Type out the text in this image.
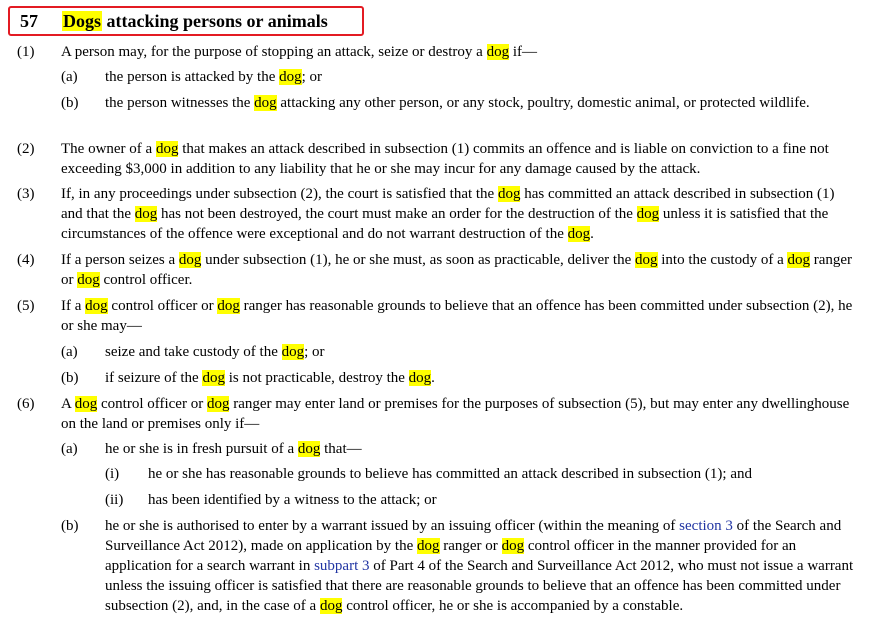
57 Dogs attacking persons or animals
(1) A person may, for the purpose of stopping an attack, seize or destroy a dog if—
(a) the person is attacked by the dog; or
(b) the person witnesses the dog attacking any other person, or any stock, poultry, domestic animal, or protected wildlife.
(2) The owner of a dog that makes an attack described in subsection (1) commits an offence and is liable on conviction to a fine not exceeding $3,000 in addition to any liability that he or she may incur for any damage caused by the attack.
(3) If, in any proceedings under subsection (2), the court is satisfied that the dog has committed an attack described in subsection (1) and that the dog has not been destroyed, the court must make an order for the destruction of the dog unless it is satisfied that the circumstances of the offence were exceptional and do not warrant destruction of the dog.
(4) If a person seizes a dog under subsection (1), he or she must, as soon as practicable, deliver the dog into the custody of a dog ranger or dog control officer.
(5) If a dog control officer or dog ranger has reasonable grounds to believe that an offence has been committed under subsection (2), he or she may—
(a) seize and take custody of the dog; or
(b) if seizure of the dog is not practicable, destroy the dog.
(6) A dog control officer or dog ranger may enter land or premises for the purposes of subsection (5), but may enter any dwellinghouse on the land or premises only if—
(a) he or she is in fresh pursuit of a dog that—
(i) he or she has reasonable grounds to believe has committed an attack described in subsection (1); and
(ii) has been identified by a witness to the attack; or
(b) he or she is authorised to enter by a warrant issued by an issuing officer (within the meaning of section 3 of the Search and Surveillance Act 2012), made on application by the dog ranger or dog control officer in the manner provided for an application for a search warrant in subpart 3 of Part 4 of the Search and Surveillance Act 2012, who must not issue a warrant unless the issuing officer is satisfied that there are reasonable grounds to believe that an offence has been committed under subsection (2), and, in the case of a dog control officer, he or she is accompanied by a constable.
